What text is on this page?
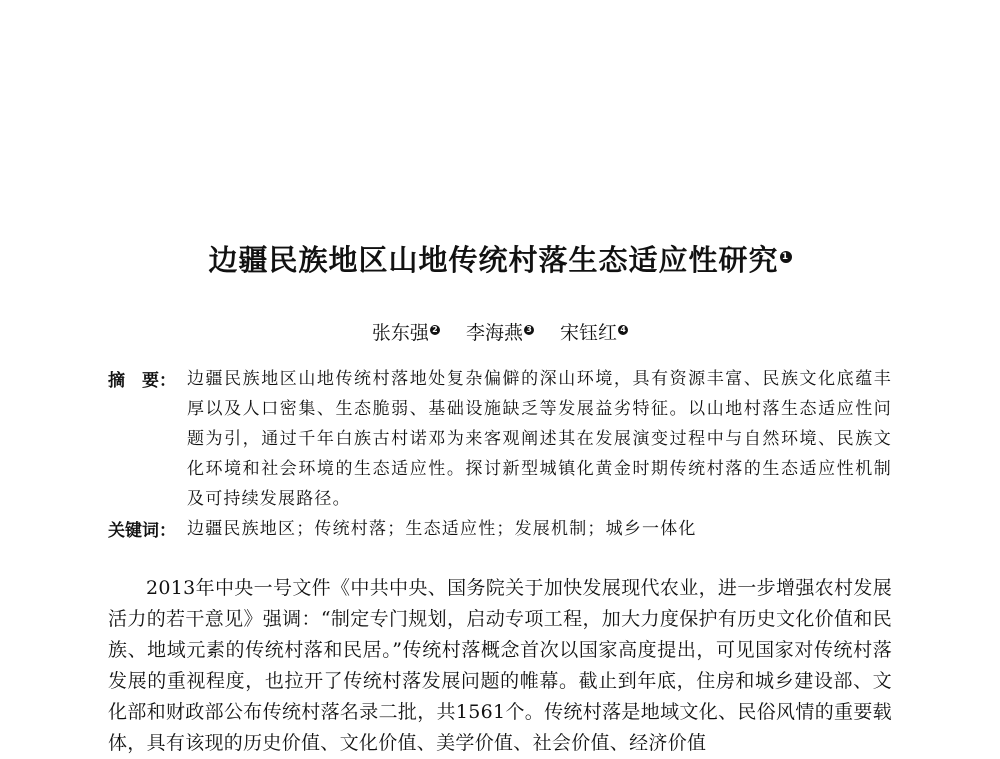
边疆民族地区山地传统村落生态适应性研究 1
张东强 2 李海燕 3 宋钰红 4
摘　要： 边疆民族地区山地传统村落地处复杂偏僻的深山环境，具有资源丰富、民族文化底蕴丰厚以及人口密集、生态脆弱、基础设施缺乏等发展益劣特征。以山地村落生态适应性问题为引，通过千年白族古村诺邓为来客观阐述其在发展演变过程中与自然环境、民族文化环境和社会环境的生态适应性。探讨新型城镇化黄金时期传统村落的生态适应性机制及可持续发展路径。
关键词： 边疆民族地区；传统村落；生态适应性；发展机制；城乡一体化
2013年中央一号文件《中共中央、国务院关于加快发展现代农业，进一步增强农村发展活力的若干意见》强调：“制定专门规划，启动专项工程，加大力度保护有历史文化价值和民族、地域元素的传统村落和民居。”传统村落概念首次以国家高度提出，可见国家对传统村落发展的重视程度，也拉开了传统村落发展问题的帷幕。截止到年底，住房和城乡建设部、文化部和财政部公布传统村落名录二批，共1561个。传统村落是地域文化、民俗风情的重要载体，具有该现的历史价值、文化价值、美学价值、社会价值、经济价值
